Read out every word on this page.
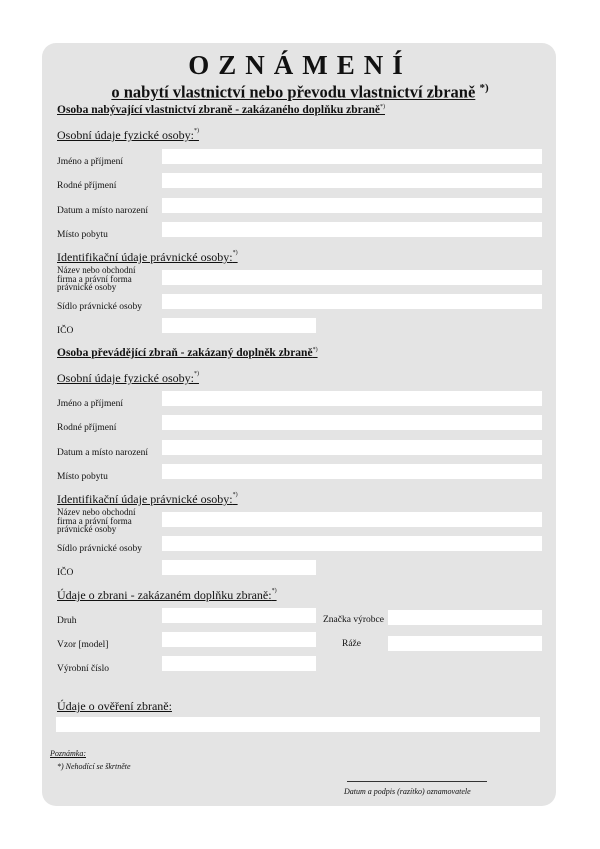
OZNÁMENÍ
o nabytí vlastnictví nebo převodu vlastnictví zbraně *)
Osoba nabývající vlastnictví zbraně - zakázaného doplňku zbraně*)
Osobní údaje fyzické osoby:*)
Jméno a příjmení
Rodné příjmení
Datum a místo narození
Místo pobytu
Identifikační údaje právnické osoby:*)
Název nebo obchodní firma a právní forma právnické osoby
Sídlo právnické osoby
IČO
Osoba převádějící zbraň - zakázaný doplněk zbraně*)
Osobní údaje fyzické osoby:*)
Jméno a příjmení
Rodné příjmení
Datum a místo narození
Místo pobytu
Identifikační údaje právnické osoby:*)
Název nebo obchodní firma a právní forma právnické osoby
Sídlo právnické osoby
IČO
Údaje o zbrani - zakázaném doplňku zbraně:*)
Druh	Značka výrobce
Vzor [model]	Ráže
Výrobní číslo
Údaje o ověření zbraně:
Poznámka:
*) Nehodící se škrtněte
Datum a podpis (razítko) oznamovatele
